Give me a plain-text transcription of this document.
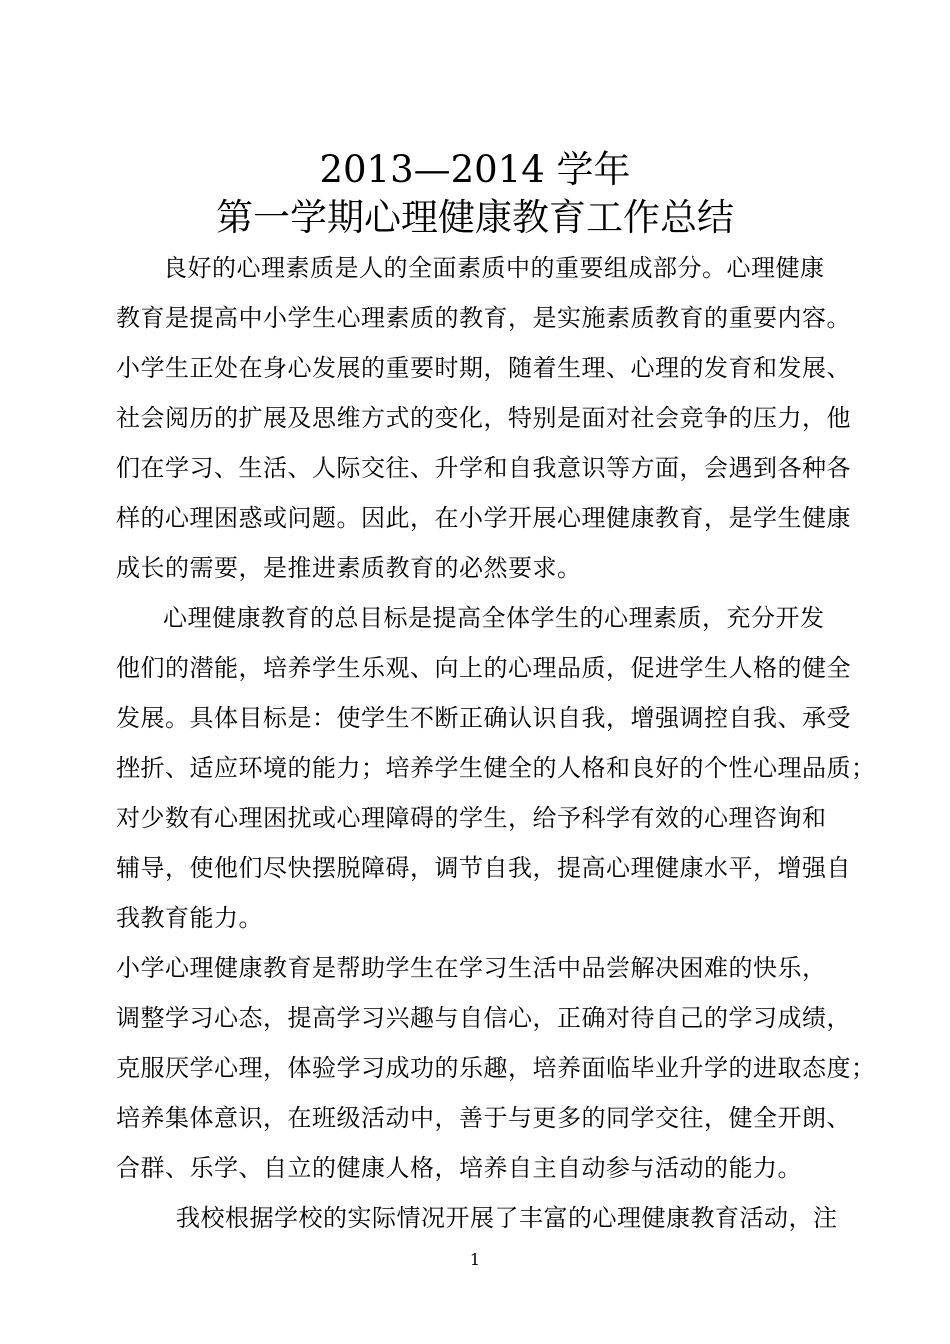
2013—2014 学年
第一学期心理健康教育工作总结
良好的心理素质是人的全面素质中的重要组成部分。心理健康
教育是提高中小学生心理素质的教育，是实施素质教育的重要内容。
小学生正处在身心发展的重要时期，随着生理、心理的发育和发展、
社会阅历的扩展及思维方式的变化，特别是面对社会竞争的压力，他
们在学习、生活、人际交往、升学和自我意识等方面，会遇到各种各
样的心理困惑或问题。因此，在小学开展心理健康教育，是学生健康
成长的需要，是推进素质教育的必然要求。
心理健康教育的总目标是提高全体学生的心理素质，充分开发
他们的潜能，培养学生乐观、向上的心理品质，促进学生人格的健全
发展。具体目标是：使学生不断正确认识自我，增强调控自我、承受
挫折、适应环境的能力；培养学生健全的人格和良好的个性心理品质；
对少数有心理困扰或心理障碍的学生，给予科学有效的心理咨询和
辅导，使他们尽快摆脱障碍，调节自我，提高心理健康水平，增强自
我教育能力。
小学心理健康教育是帮助学生在学习生活中品尝解决困难的快乐，
调整学习心态，提高学习兴趣与自信心，正确对待自己的学习成绩，
克服厌学心理，体验学习成功的乐趣，培养面临毕业升学的进取态度；
培养集体意识，在班级活动中，善于与更多的同学交往，健全开朗、
合群、乐学、自立的健康人格，培养自主自动参与活动的能力。
我校根据学校的实际情况开展了丰富的心理健康教育活动，注
1
